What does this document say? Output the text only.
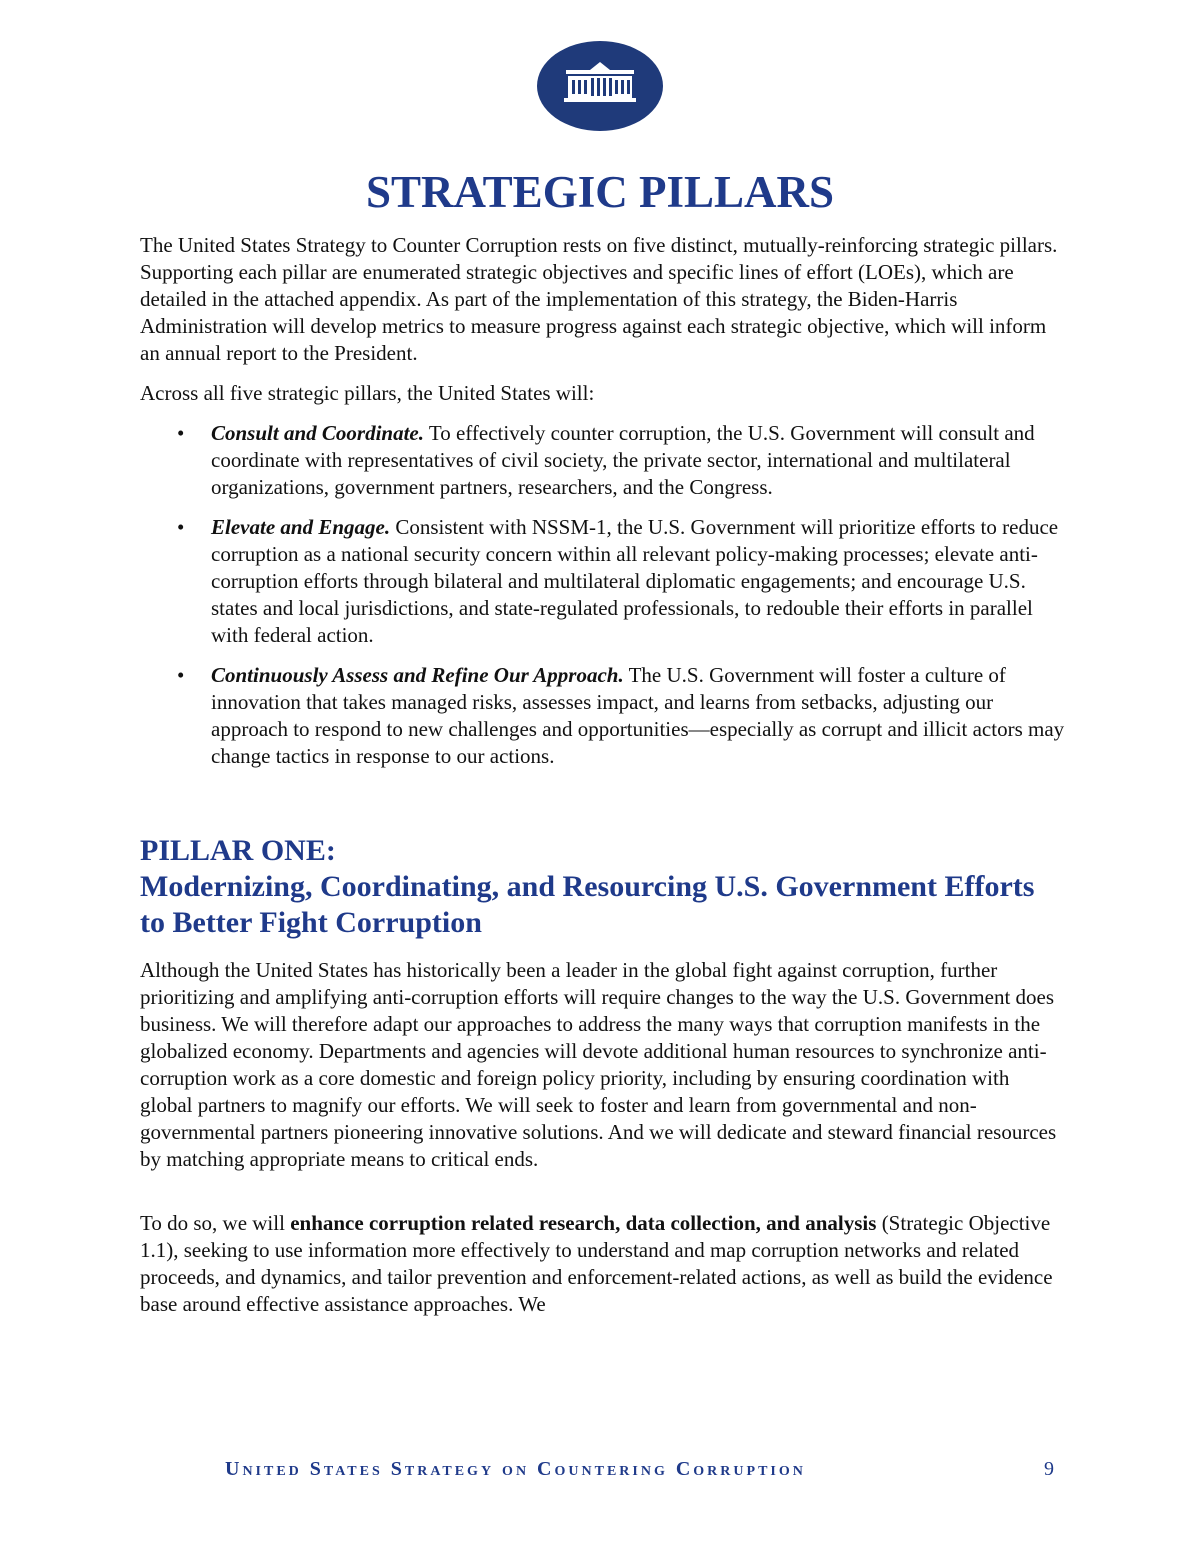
STRATEGIC PILLARS

The United States Strategy to Counter Corruption rests on five distinct, mutually-reinforcing strategic pillars. Supporting each pillar are enumerated strategic objectives and specific lines of effort (LOEs), which are detailed in the attached appendix. As part of the implementation of this strategy, the Biden-Harris Administration will develop metrics to measure progress against each strategic objective, which will inform an annual report to the President.

Across all five strategic pillars, the United States will:

• Consult and Coordinate. To effectively counter corruption, the U.S. Government will consult and coordinate with representatives of civil society, the private sector, international and multilateral organizations, government partners, researchers, and the Congress.
• Elevate and Engage. Consistent with NSSM-1, the U.S. Government will prioritize efforts to reduce corruption as a national security concern within all relevant policy-making processes; elevate anti-corruption efforts through bilateral and multilateral diplomatic engagements; and encourage U.S. states and local jurisdictions, and state-regulated professionals, to redouble their efforts in parallel with federal action.
• Continuously Assess and Refine Our Approach. The U.S. Government will foster a culture of innovation that takes managed risks, assesses impact, and learns from setbacks, adjusting our approach to respond to new challenges and opportunities—especially as corrupt and illicit actors may change tactics in response to our actions.
PILLAR ONE:
Modernizing, Coordinating, and Resourcing U.S. Government Efforts to Better Fight Corruption

Although the United States has historically been a leader in the global fight against corruption, further prioritizing and amplifying anti-corruption efforts will require changes to the way the U.S. Government does business. We will therefore adapt our approaches to address the many ways that corruption manifests in the globalized economy. Departments and agencies will devote additional human resources to synchronize anti-corruption work as a core domestic and foreign policy priority, including by ensuring coordination with global partners to magnify our efforts. We will seek to foster and learn from governmental and non-governmental partners pioneering innovative solutions. And we will dedicate and steward financial resources by matching appropriate means to critical ends.

To do so, we will enhance corruption related research, data collection, and analysis (Strategic Objective 1.1), seeking to use information more effectively to understand and map corruption networks and related proceeds, and dynamics, and tailor prevention and enforcement-related actions, as well as build the evidence base around effective assistance approaches. We

United States Strategy on Countering Corruption	9
